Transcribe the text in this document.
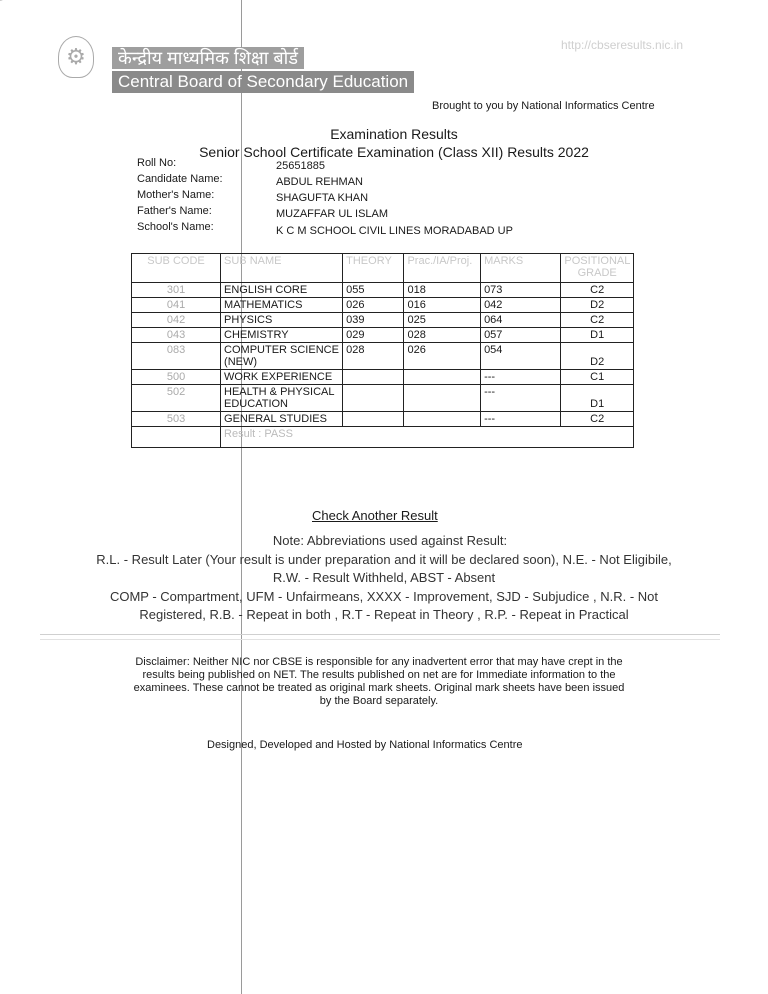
⚙	केन्द्रीय माध्यमिक शिक्षा बोर्ड
Central Board of Secondary Education
http://cbseresults.nic.in
Brought to you by National Informatics Centre
Examination Results
Senior School Certificate Examination (Class XII) Results 2022
Roll No:	25651885
Candidate Name:	ABDUL REHMAN
Mother's Name:	SHAGUFTA KHAN
Father's Name:	MUZAFFAR UL ISLAM
School's Name:	K C M SCHOOL CIVIL LINES MORADABAD UP
SUB CODE	SUB NAME	THEORY	Prac./IA/Proj.	MARKS	POSITIONAL GRADE
301	ENGLISH CORE	055	018	073	C2
041	MATHEMATICS	026	016	042	D2
042	PHYSICS	039	025	064	C2
043	CHEMISTRY	029	028	057	D1
083	COMPUTER SCIENCE (NEW)	028	026	054	D2
500	WORK EXPERIENCE			---	C1
502	HEALTH & PHYSICAL EDUCATION			---	D1
503	GENERAL STUDIES			---	C2
	Result : PASS				
Check Another Result
Note: Abbreviations used against Result:
R.L. - Result Later (Your result is under preparation and it will be declared soon), N.E. - Not Eligibile,
R.W. - Result Withheld, ABST - Absent
COMP - Compartment, UFM - Unfairmeans, XXXX - Improvement, SJD - Subjudice , N.R. - Not
Registered, R.B. - Repeat in both , R.T - Repeat in Theory , R.P. - Repeat in Practical
Disclaimer: Neither NIC nor CBSE is responsible for any inadvertent error that may have crept in the results being published on NET. The results published on net are for Immediate information to the examinees. These cannot be treated as original mark sheets. Original mark sheets have been issued by the Board separately.
Designed, Developed and Hosted by National Informatics Centre
